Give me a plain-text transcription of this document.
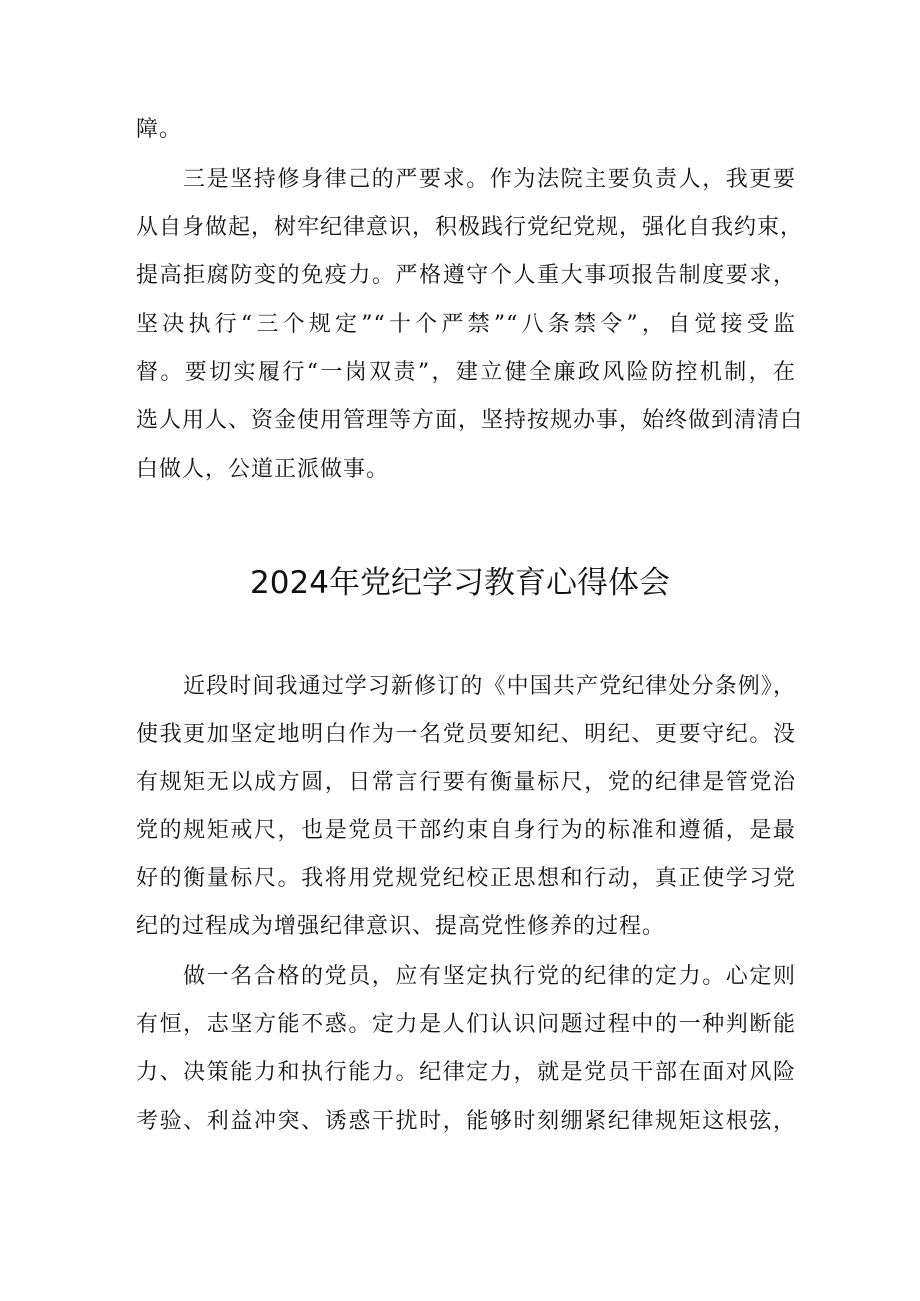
障。

三是坚持修身律己的严要求。作为法院主要负责人，我更要

从自身做起，树牢纪律意识，积极践行党纪党规，强化自我约束，

提高拒腐防变的免疫力。严格遵守个人重大事项报告制度要求，

坚决执行“三个规定”“十个严禁”“八条禁令”，自觉接受监

督。要切实履行“一岗双责”，建立健全廉政风险防控机制，在

选人用人、资金使用管理等方面，坚持按规办事，始终做到清清白

白做人，公道正派做事。

2024年党纪学习教育心得体会

近段时间我通过学习新修订的《中国共产党纪律处分条例》，

使我更加坚定地明白作为一名党员要知纪、明纪、更要守纪。没

有规矩无以成方圆，日常言行要有衡量标尺，党的纪律是管党治

党的规矩戒尺，也是党员干部约束自身行为的标准和遵循，是最

好的衡量标尺。我将用党规党纪校正思想和行动，真正使学习党

纪的过程成为增强纪律意识、提高党性修养的过程。

做一名合格的党员，应有坚定执行党的纪律的定力。心定则

有恒，志坚方能不惑。定力是人们认识问题过程中的一种判断能

力、决策能力和执行能力。纪律定力，就是党员干部在面对风险

考验、利益冲突、诱惑干扰时，能够时刻绷紧纪律规矩这根弦，
